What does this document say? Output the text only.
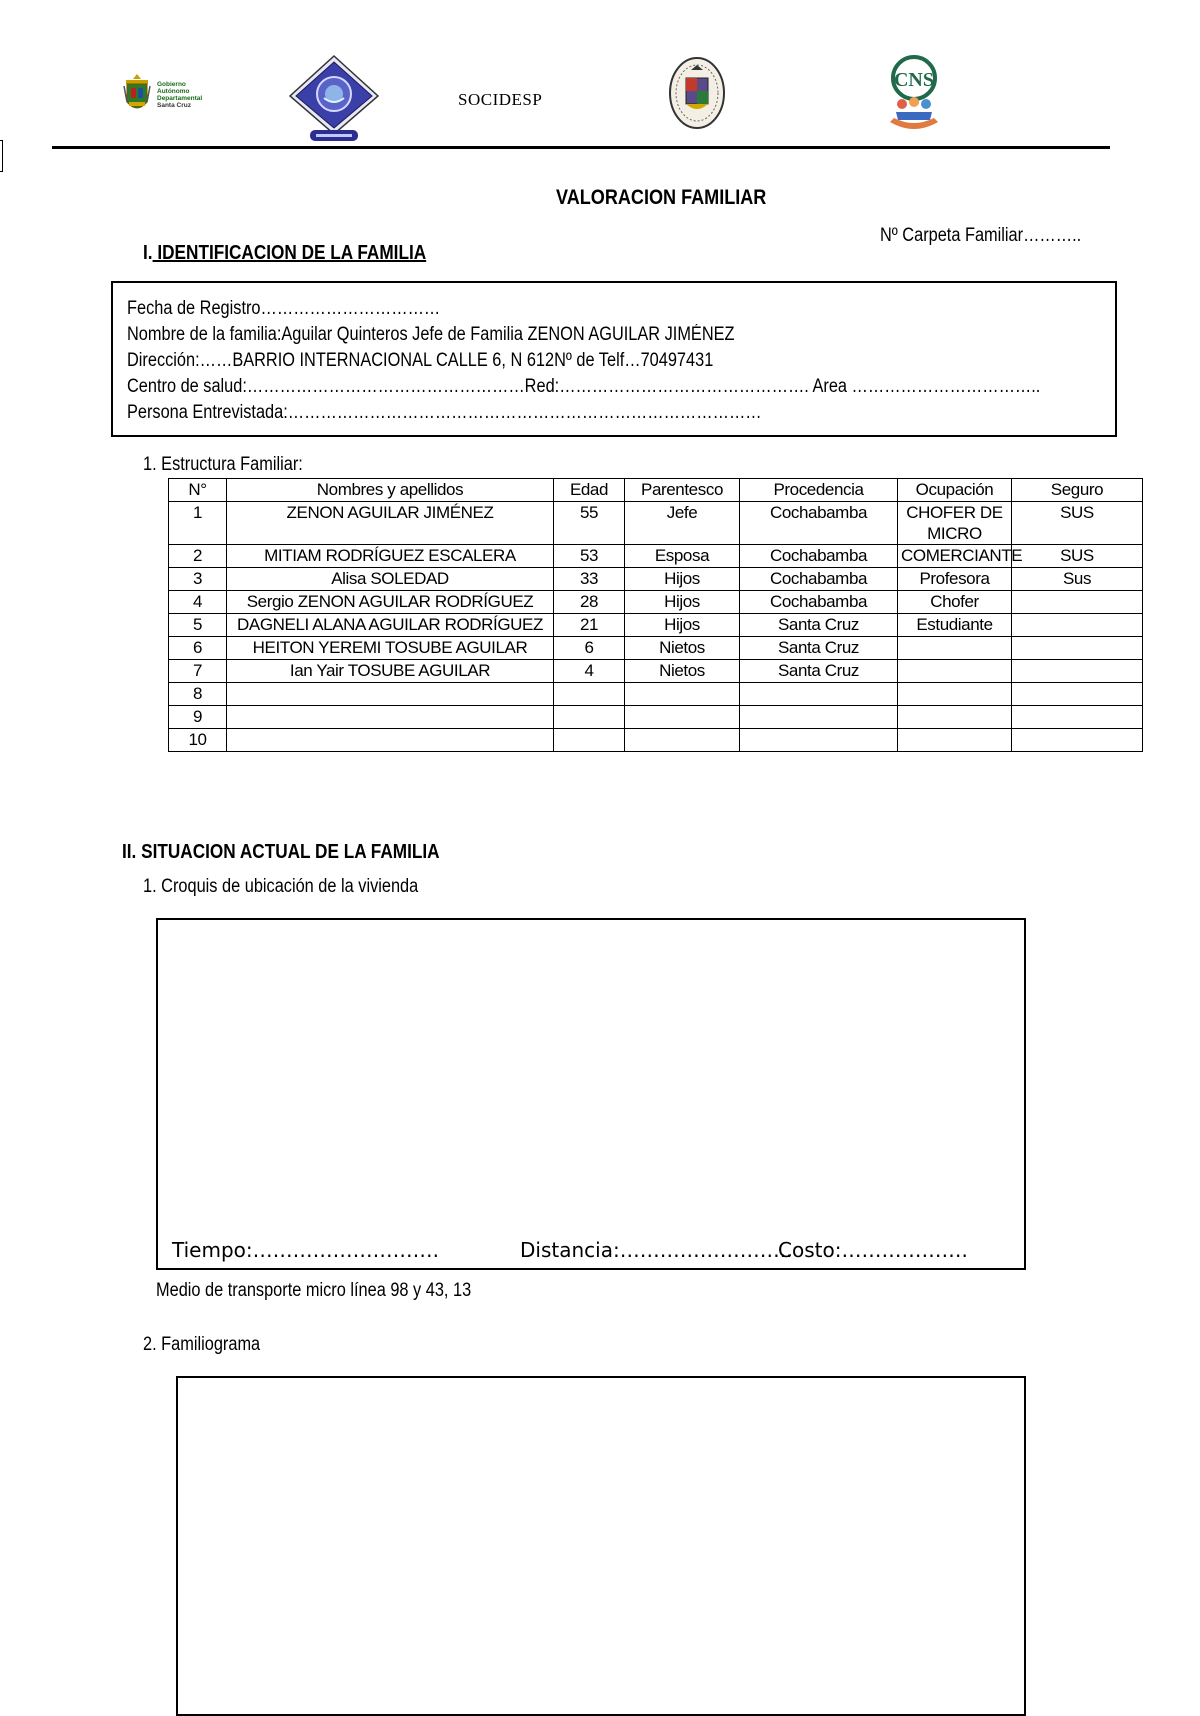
Gobierno
Autónomo
Departamental
Santa Cruz	SOCIDESP
CNS
VALORACION FAMILIAR
Nº Carpeta Familiar………..
I. IDENTIFICACION DE LA FAMILIA
Fecha de Registro……………………………
Nombre de la familia:Aguilar Quinteros Jefe de Familia ZENON AGUILAR JIMÉNEZ
Dirección:……BARRIO INTERNACIONAL CALLE 6, N 612Nº de Telf…70497431
Centro de salud:……………………………………………Red:………………………………………. Area ……………………………..
Persona Entrevistada:……………………………………………………………………………
1. Estructura Familiar:
N°	Nombres y apellidos	Edad	Parentesco	Procedencia	Ocupación	Seguro
1	ZENON AGUILAR JIMÉNEZ	55	Jefe	Cochabamba	CHOFER DE MICRO	SUS
2	MITIAM RODRÍGUEZ ESCALERA	53	Esposa	Cochabamba	COMERCIANTE	SUS
3	Alisa SOLEDAD	33	Hijos	Cochabamba	Profesora	Sus
4	Sergio ZENON AGUILAR RODRÍGUEZ	28	Hijos	Cochabamba	Chofer	
5	DAGNELI ALANA AGUILAR RODRÍGUEZ	21	Hijos	Santa Cruz	Estudiante	
6	HEITON YEREMI TOSUBE AGUILAR	6	Nietos	Santa Cruz		
7	Ian Yair TOSUBE AGUILAR	4	Nietos	Santa Cruz		
8						
9						
10						
II. SITUACION ACTUAL DE LA FAMILIA
1. Croquis de ubicación de la vivienda
Tiempo:……………………….	Distancia:……………………..
Costo:……………….
Medio de transporte micro línea 98 y 43, 13
2. Familiograma
